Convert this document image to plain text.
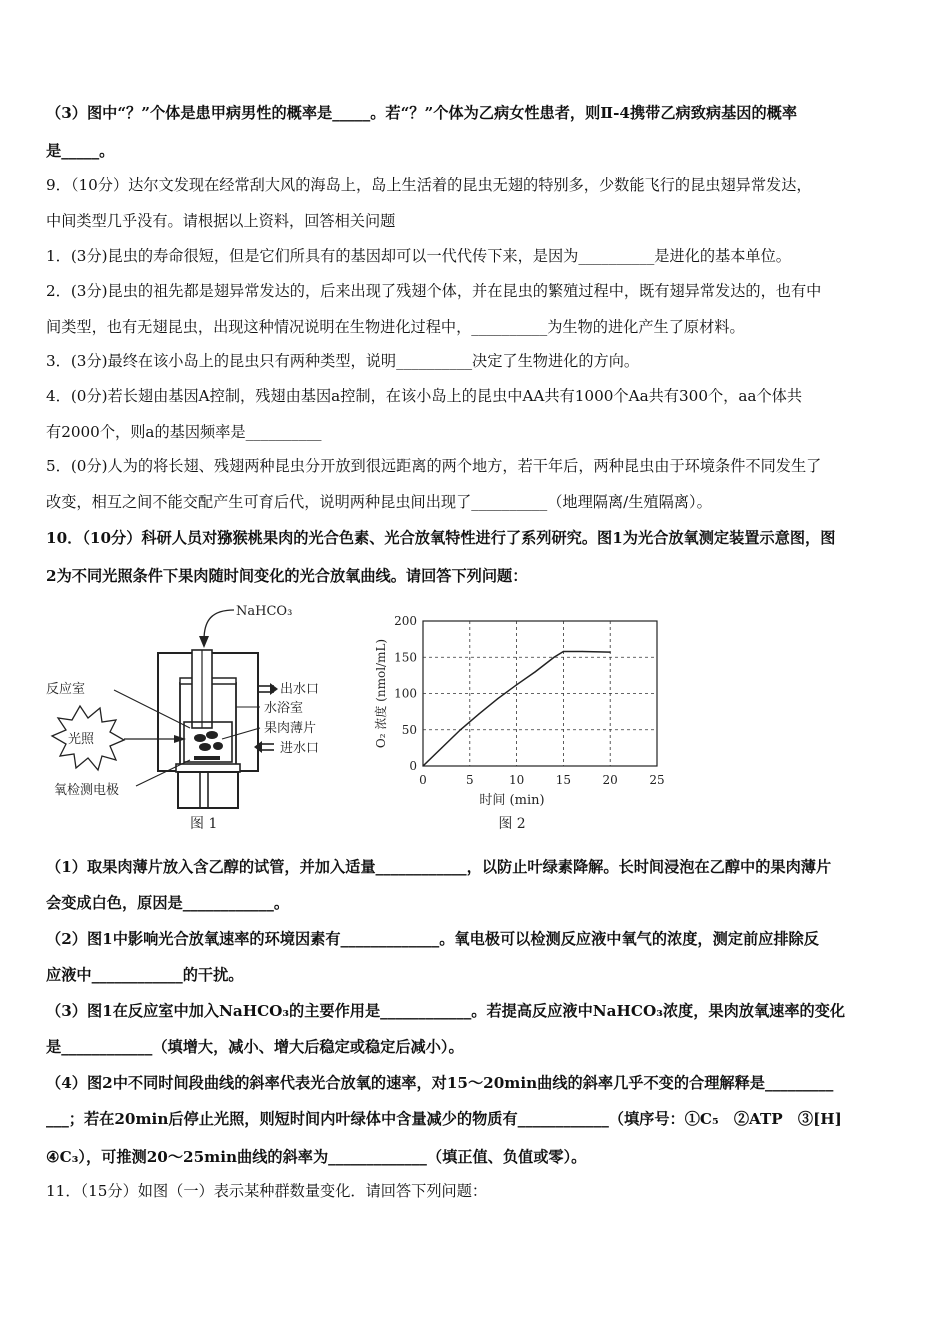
（3）图中“？”个体是患甲病男性的概率是_____。若“？”个体为乙病女性患者，则Ⅱ-4携带乙病致病基因的概率
是_____。
9．（10分）达尔文发现在经常刮大风的海岛上，岛上生活着的昆虫无翅的特别多，少数能飞行的昆虫翅异常发达，
中间类型几乎没有。请根据以上资料，回答相关问题
1．(3分)昆虫的寿命很短，但是它们所具有的基因却可以一代代传下来，是因为__________是进化的基本单位。
2．(3分)昆虫的祖先都是翅异常发达的，后来出现了残翅个体，并在昆虫的繁殖过程中，既有翅异常发达的，也有中
间类型，也有无翅昆虫，出现这种情况说明在生物进化过程中，__________为生物的进化产生了原材料。
3．(3分)最终在该小岛上的昆虫只有两种类型，说明__________决定了生物进化的方向。
4．(0分)若长翅由基因A控制，残翅由基因a控制，在该小岛上的昆虫中AA共有1000个Aa共有300个，aa个体共
有2000个，则a的基因频率是__________
5．(0分)人为的将长翅、残翅两种昆虫分开放到很远距离的两个地方，若干年后，两种昆虫由于环境条件不同发生了
改变，相互之间不能交配产生可育后代，说明两种昆虫间出现了__________（地理隔离/生殖隔离）。
10．（10分）科研人员对猕猴桃果肉的光合色素、光合放氧特性进行了系列研究。图1为光合放氧测定装置示意图，图
2为不同光照条件下果肉随时间变化的光合放氧曲线。请回答下列问题：
NaHCO₃
出水口
水浴室
果肉薄片
进水口
反应室
光照
氧检测电极
图 1
0
50
100
150
200
0	5	10	15	20	25
O₂ 浓度 (nmol/mL)
时间 (min)
图 2
（1）取果肉薄片放入含乙醇的试管，并加入适量____________，以防止叶绿素降解。长时间浸泡在乙醇中的果肉薄片
会变成白色，原因是____________。
（2）图1中影响光合放氧速率的环境因素有_____________。氧电极可以检测反应液中氧气的浓度，测定前应排除反
应液中____________的干扰。
（3）图1在反应室中加入NaHCO₃的主要作用是____________。若提高反应液中NaHCO₃浓度，果肉放氧速率的变化
是____________（填增大，减小、增大后稳定或稳定后减小）。
（4）图2中不同时间段曲线的斜率代表光合放氧的速率，对15～20min曲线的斜率几乎不变的合理解释是_________
___；若在20min后停止光照，则短时间内叶绿体中含量减少的物质有____________（填序号：①C₅　②ATP　③[H]
④C₃），可推测20～25min曲线的斜率为_____________（填正值、负值或零）。
11．（15分）如图（一）表示某种群数量变化．请回答下列问题：
